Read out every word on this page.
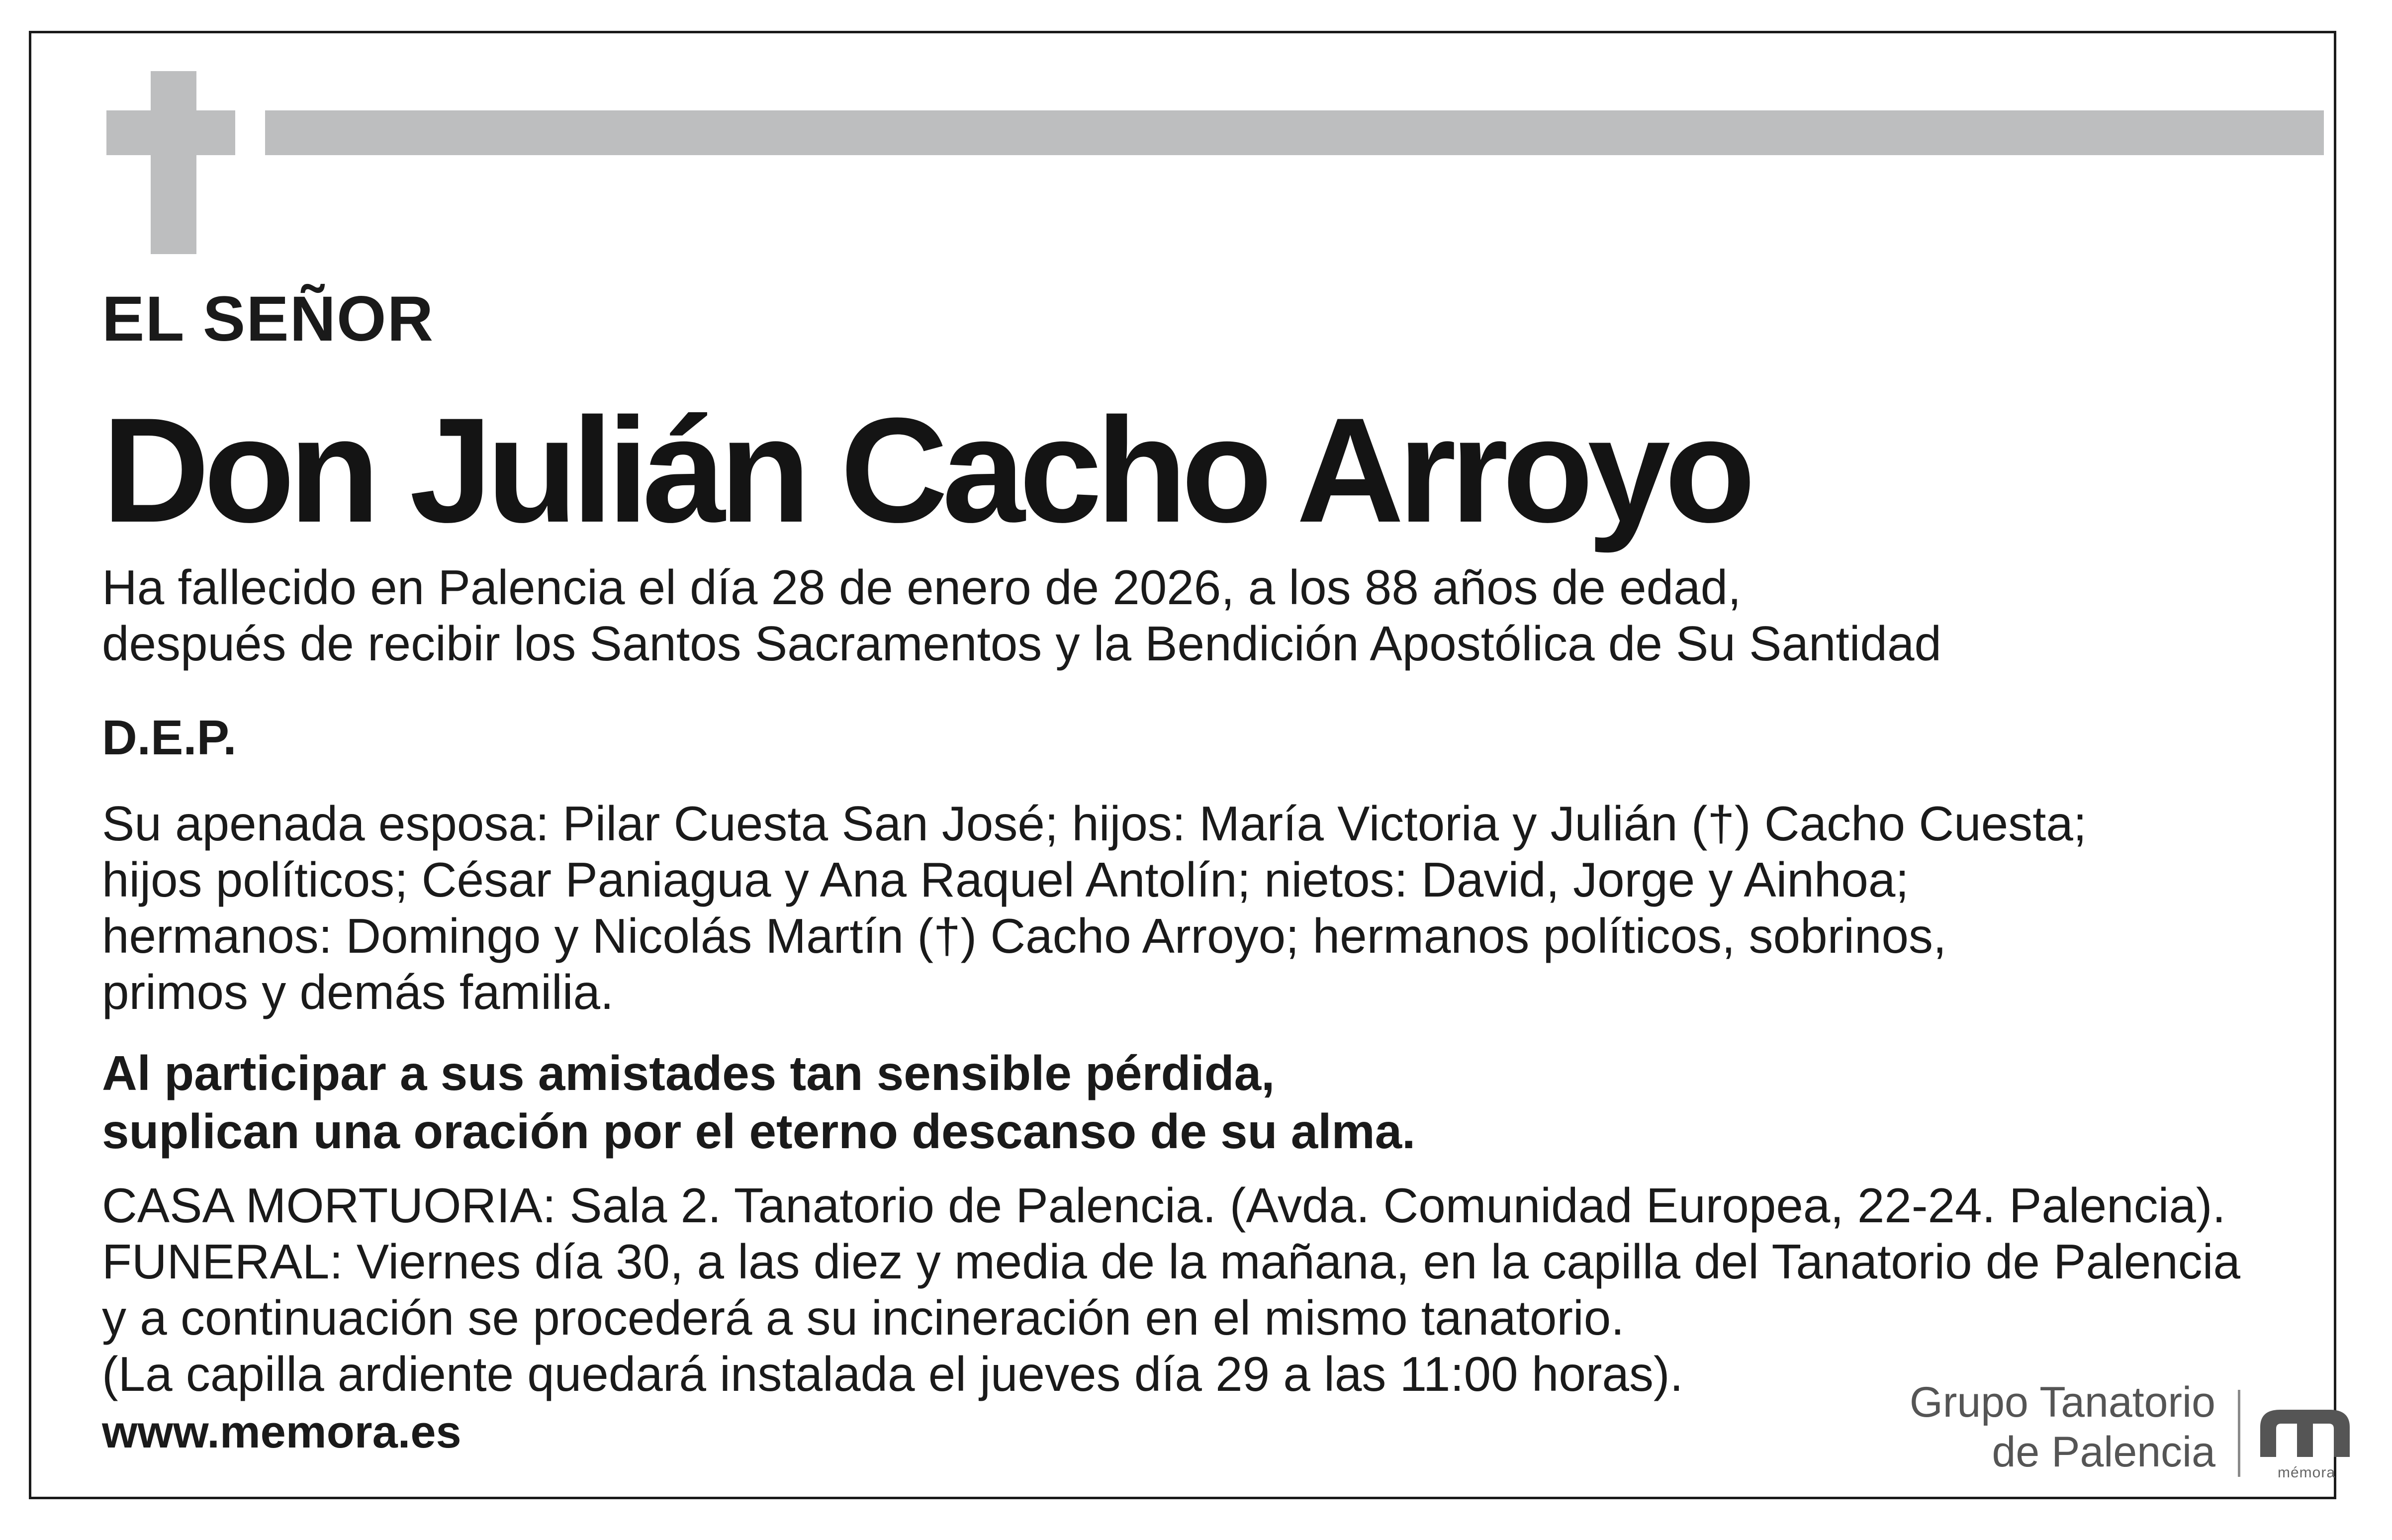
EL SEÑOR

Don Julián Cacho Arroyo

Ha fallecido en Palencia el día 28 de enero de 2026, a los 88 años de edad,
después de recibir los Santos Sacramentos y la Bendición Apostólica de Su Santidad

D.E.P.

Su apenada esposa: Pilar Cuesta San José; hijos: María Victoria y Julián (†) Cacho Cuesta;
hijos políticos; César Paniagua y Ana Raquel Antolín; nietos: David, Jorge y Ainhoa;
hermanos: Domingo y Nicolás Martín (†) Cacho Arroyo; hermanos políticos, sobrinos,
primos y demás familia.

Al participar a sus amistades tan sensible pérdida,
suplican una oración por el eterno descanso de su alma.

CASA MORTUORIA: Sala 2. Tanatorio de Palencia. (Avda. Comunidad Europea, 22-24. Palencia).
FUNERAL: Viernes día 30, a las diez y media de la mañana, en la capilla del Tanatorio de Palencia
y a continuación se procederá a su incineración en el mismo tanatorio.
(La capilla ardiente quedará instalada el jueves día 29 a las 11:00 horas).

www.memora.es

Grupo Tanatorio
de Palencia	mémora
